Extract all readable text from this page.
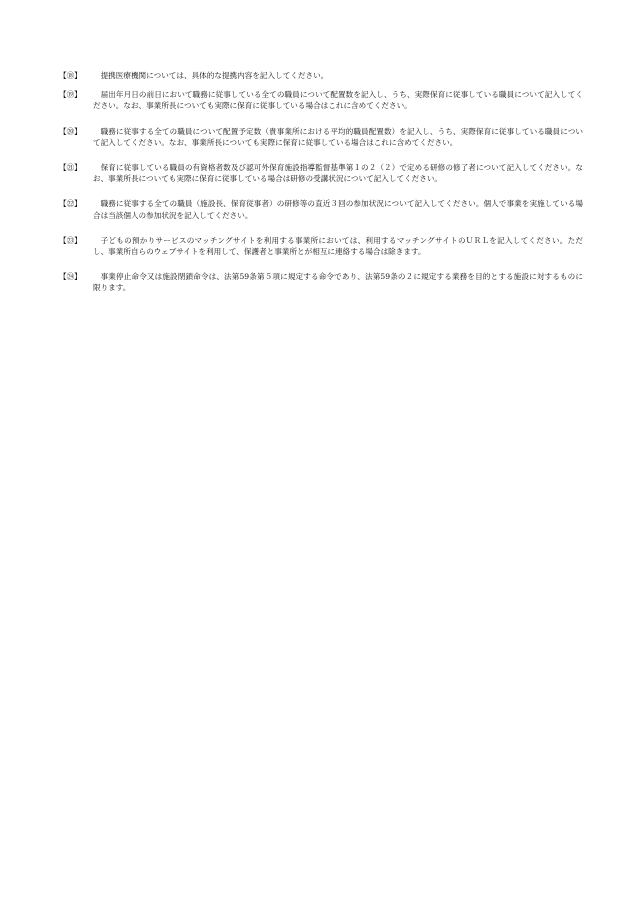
【⑱】	提携医療機関については、具体的な提携内容を記入してください。
【⑲】	届出年月日の前日において職務に従事している全ての職員について配置数を記入し、うち、実際保育に従事している職員について記入してください。なお、事業所長についても実際に保育に従事している場合はこれに含めてください。
【⑳】	職務に従事する全ての職員について配置予定数（貴事業所における平均的職員配置数）を記入し、うち、実際保育に従事している職員について記入してください。なお、事業所長についても実際に保育に従事している場合はこれに含めてください。
【㉑】	保育に従事している職員の有資格者数及び認可外保育施設指導監督基準第１の２（２）で定める研修の修了者について記入してください。なお、事業所長についても実際に保育に従事している場合は研修の受講状況について記入してください。
【㉒】	職務に従事する全ての職員（施設長、保育従事者）の研修等の直近３回の参加状況について記入してください。個人で事業を実施している場合は当該個人の参加状況を記入してください。
【㉓】	子どもの預かりサービスのマッチングサイトを利用する事業所においては、利用するマッチングサイトのＵＲＬを記入してください。ただし、事業所自らのウェブサイトを利用して、保護者と事業所とが相互に連絡する場合は除きます。
【㉔】	事業停止命令又は施設閉鎖命令は、法第59条第５項に規定する命令であり、法第59条の２に規定する業務を目的とする施設に対するものに限ります。
